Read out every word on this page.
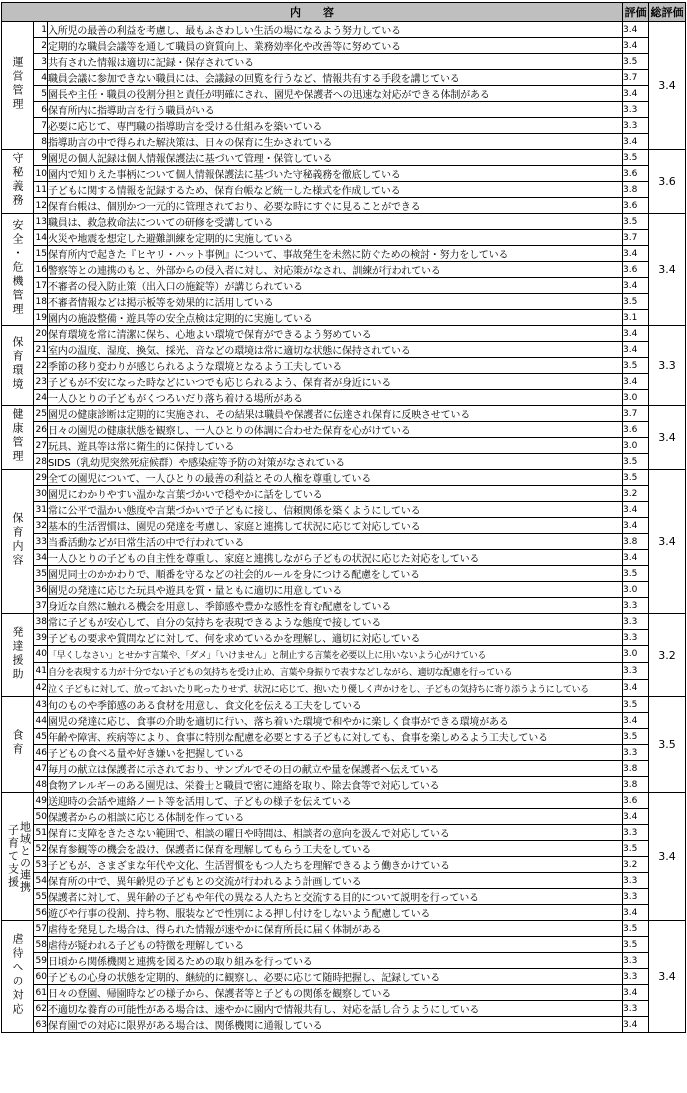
内　　容			評価	総評価
運営管理	1	入所児の最善の利益を考慮し、最もふさわしい生活の場になるよう努力している	3.4	3.4
	2	定期的な職員会議等を通して職員の資質向上、業務効率化や改善等に努めている	3.4	
	3	共有された情報は適切に記録・保存されている	3.5	
	4	職員会議に参加できない職員には、会議録の回覧を行うなど、情報共有する手段を講じている	3.7	
	5	園長や主任・職員の役割分担と責任が明確にされ、園児や保護者への迅速な対応ができる体制がある	3.4	
	6	保育所内に指導助言を行う職員がいる	3.3	
	7	必要に応じて、専門職の指導助言を受ける仕組みを築いている	3.3	
	8	指導助言の中で得られた解決策は、日々の保育に生かされている	3.4	
守秘義務	9	園児の個人記録は個人情報保護法に基づいて管理・保管している	3.5	3.6
	10	園内で知りえた事柄について個人情報保護法に基づいた守秘義務を徹底している	3.6	
	11	子どもに関する情報を記録するため、保育台帳など統一した様式を作成している	3.8	
	12	保育台帳は、個別かつ一元的に管理されており、必要な時にすぐに見ることができる	3.6	
安全・危機管理	13	職員は、救急救命法についての研修を受講している	3.5	3.4
	14	火災や地震を想定した避難訓練を定期的に実施している	3.7	
	15	保育所内で起きた『ヒヤリ・ハット事例』について、事故発生を未然に防ぐための検討・努力をしている	3.4	
	16	警察等との連携のもと、外部からの侵入者に対し、対応策がなされ、訓練が行われている	3.6	
	17	不審者の侵入防止策（出入口の施錠等）が講じられている	3.4	
	18	不審者情報などは掲示板等を効果的に活用している	3.5	
	19	園内の施設整備・遊具等の安全点検は定期的に実施している	3.1	
保育環境	20	保育環境を常に清潔に保ち、心地よい環境で保育ができるよう努めている	3.4	3.3
	21	室内の温度、湿度、換気、採光、音などの環境は常に適切な状態に保持されている	3.4	
	22	季節の移り変わりが感じられるような環境となるよう工夫している	3.5	
	23	子どもが不安になった時などにいつでも応じられるよう、保育者が身近にいる	3.4	
	24	一人ひとりの子どもがくつろいだり落ち着ける場所がある	3.0	
健康管理	25	園児の健康診断は定期的に実施され、その結果は職員や保護者に伝達され保育に反映させている	3.7	3.4
	26	日々の園児の健康状態を観察し、一人ひとりの体調に合わせた保育を心がけている	3.6	
	27	玩具、遊具等は常に衛生的に保持している	3.0	
	28	SIDS（乳幼児突然死症候群）や感染症等予防の対策がなされている	3.5	
保育内容	29	全ての園児について、一人ひとりの最善の利益とその人権を尊重している	3.5	3.4
	30	園児にわかりやすい温かな言葉づかいで穏やかに話をしている	3.2	
	31	常に公平で温かい態度や言葉づかいで子どもに接し、信頼関係を築くようにしている	3.4	
	32	基本的生活習慣は、園児の発達を考慮し、家庭と連携して状況に応じて対応している	3.4	
	33	当番活動などが日常生活の中で行われている	3.8	
	34	一人ひとりの子どもの自主性を尊重し、家庭と連携しながら子どもの状況に応じた対応をしている	3.4	
	35	園児同士のかかわりで、順番を守るなどの社会的ルールを身につける配慮をしている	3.5	
	36	園児の発達に応じた玩具や遊具を質・量ともに適切に用意している	3.0	
	37	身近な自然に触れる機会を用意し、季節感や豊かな感性を育む配慮をしている	3.3	
発達援助	38	常に子どもが安心して、自分の気持ちを表現できるような態度で接している	3.3	3.2
	39	子どもの要求や質問などに対して、何を求めているかを理解し、適切に対応している	3.3	
	40	「早くしなさい」とせかす言葉や、「ダメ」「いけません」と制止する言葉を必要以上に用いないよう心がけている	3.0	
	41	自分を表現する力が十分でない子どもの気持ちを受け止め、言葉や身振りで表すなどしながら、適切な配慮を行っている	3.3	
	42	泣く子どもに対して、放っておいたり叱ったりせず、状況に応じて、抱いたり優しく声かけをし、子どもの気持ちに寄り添うようにしている	3.4	
食育	43	旬のものや季節感のある食材を用意し、食文化を伝える工夫をしている	3.5	3.5
	44	園児の発達に応じ、食事の介助を適切に行い、落ち着いた環境で和やかに楽しく食事ができる環境がある	3.4	
	45	年齢や障害、疾病等により、食事に特別な配慮を必要とする子どもに対しても、食事を楽しめるよう工夫している	3.5	
	46	子どもの食べる量や好き嫌いを把握している	3.3	
	47	毎月の献立は保護者に示されており、サンプルでその日の献立や量を保護者へ伝えている	3.8	
	48	食物アレルギーのある園児は、栄養士と職員で密に連絡を取り、除去食等で対応している	3.8	

子育て支援 地域との連携	49	送迎時の会話や連絡ノート等を活用して、子どもの様子を伝えている	3.6	3.4
	50	保護者からの相談に応じる体制を作っている	3.4	
	51	保育に支障をきたさない範囲で、相談の曜日や時間は、相談者の意向を汲んで対応している	3.3	
	52	保育参観等の機会を設け、保護者に保育を理解してもらう工夫をしている	3.5	
	53	子どもが、さまざまな年代や文化、生活習慣をもつ人たちを理解できるよう働きかけている	3.2	
	54	保育所の中で、異年齢児の子どもとの交流が行われるよう計画している	3.3	
	55	保護者に対して、異年齢の子どもや年代の異なる人たちと交流する目的について説明を行っている	3.3	
	56	遊びや行事の役割、持ち物、服装などで性別による押し付けをしないよう配慮している	3.4	
虐待への対応	57	虐待を発見した場合は、得られた情報が速やかに保育所長に届く体制がある	3.5	3.4
	58	虐待が疑われる子どもの特徴を理解している	3.5	
	59	日頃から関係機関と連携を図るための取り組みを行っている	3.3	
	60	子どもの心身の状態を定期的、継続的に観察し、必要に応じて随時把握し、記録している	3.3	
	61	日々の登園、帰園時などの様子から、保護者等と子どもの関係を観察している	3.4	
	62	不適切な養育の可能性がある場合は、速やかに園内で情報共有し、対応を話し合うようにしている	3.3	
	63	保育園での対応に限界がある場合は、関係機関に通報している	3.4	
